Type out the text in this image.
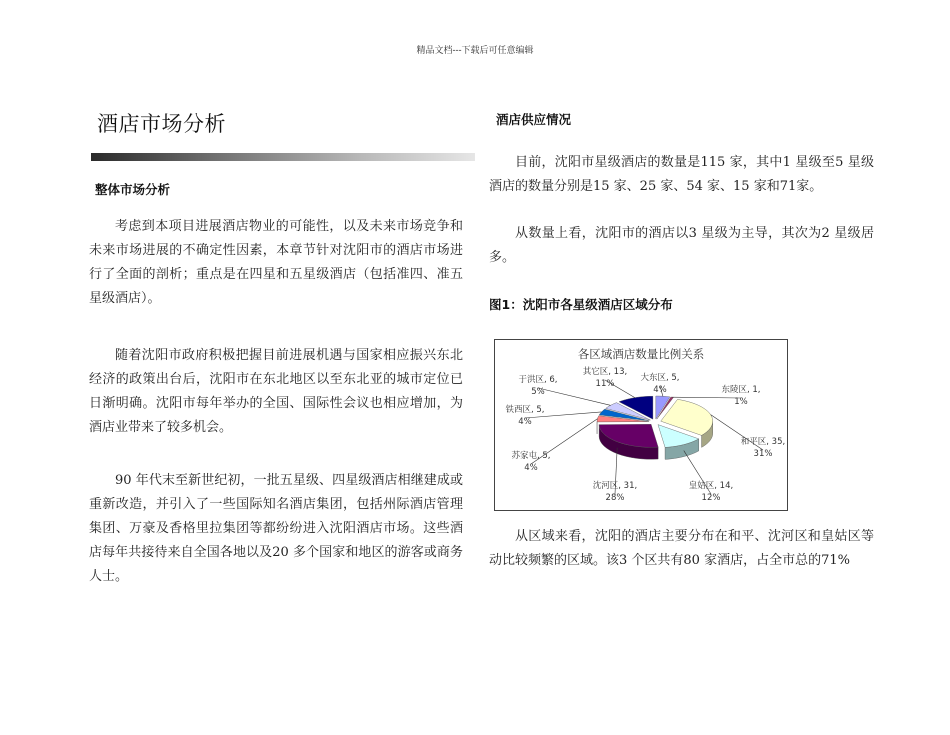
精品文档---下载后可任意编辑
酒店市场分析
整体市场分析
考虑到本项目进展酒店物业的可能性，以及未来市场竞争和未来市场进展的不确定性因素，本章节针对沈阳市的酒店市场进行了全面的剖析；重点是在四星和五星级酒店（包括准四、准五星级酒店）。
随着沈阳市政府积极把握目前进展机遇与国家相应振兴东北经济的政策出台后，沈阳市在东北地区以至东北亚的城市定位已日渐明确。沈阳市每年举办的全国、国际性会议也相应增加，为酒店业带来了较多机会。
90 年代末至新世纪初，一批五星级、四星级酒店相继建成或重新改造，并引入了一些国际知名酒店集团，包括州际酒店管理集团、万豪及香格里拉集团等都纷纷进入沈阳酒店市场。这些酒店每年共接待来自全国各地以及20 多个国家和地区的游客或商务人士。
酒店供应情况
目前，沈阳市星级酒店的数量是115 家，其中1 星级至5 星级酒店的数量分别是15 家、25 家、54 家、15 家和71家。
从数量上看，沈阳市的酒店以3 星级为主导，其次为2 星级居多。
图1：沈阳市各星级酒店区域分布
各区域酒店数量比例关系
大东区, 5,
4%	东陵区, 1,
1%
和平区, 35,
31%
皇姑区, 14,
12%
沈河区, 31,
28%
苏家屯, 5,
4%
铁西区, 5,
4%
于洪区, 6,
5%
其它区, 13,
11%
从区域来看，沈阳的酒店主要分布在和平、沈河区和皇姑区等动比较频繁的区域。该3 个区共有80 家酒店，占全市总的71%
